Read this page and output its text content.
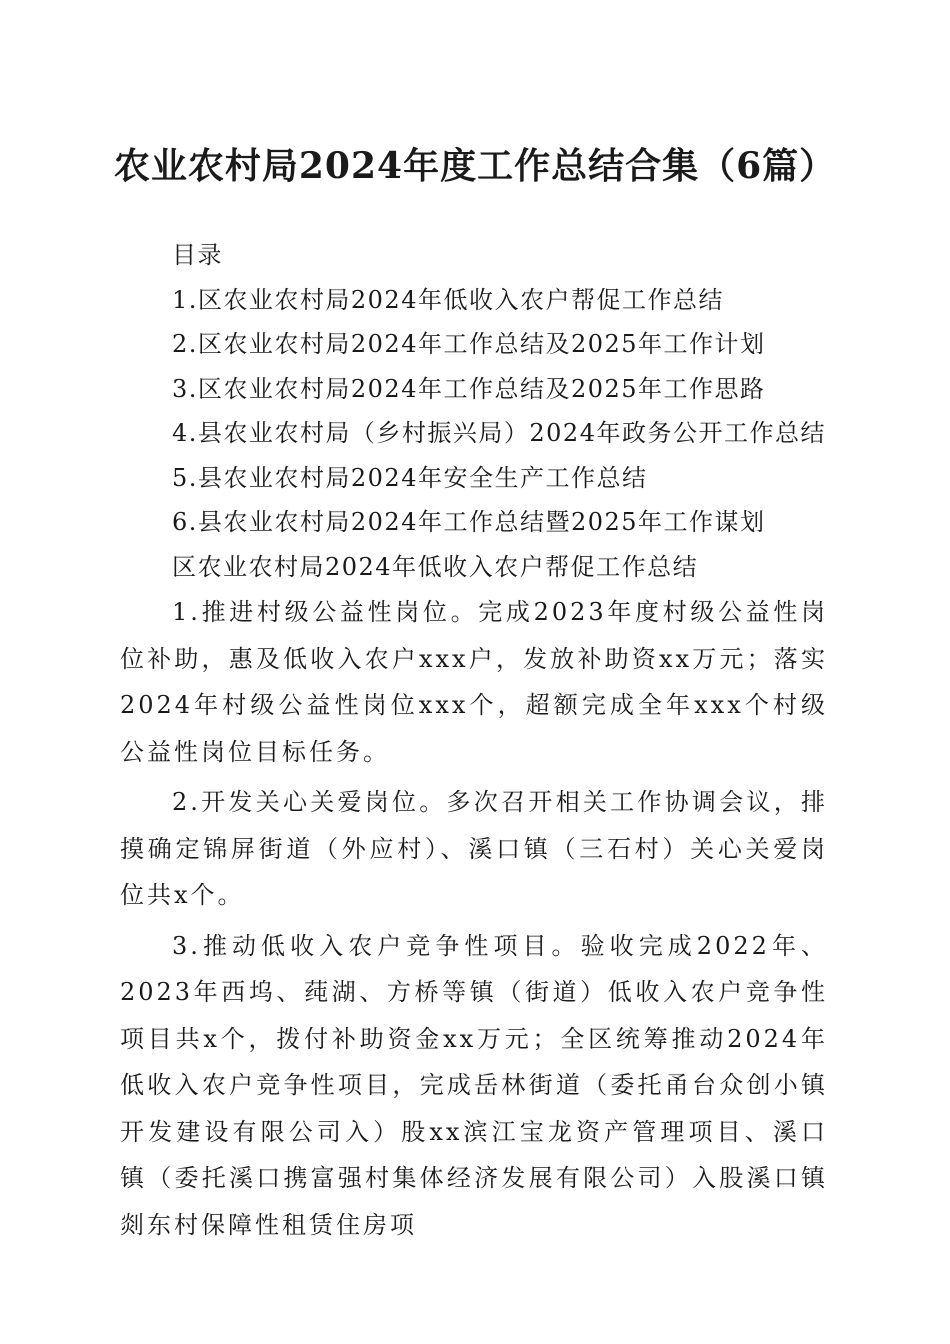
农业农村局2024年度工作总结合集（6篇）
目录
1.区农业农村局2024年低收入农户帮促工作总结
2.区农业农村局2024年工作总结及2025年工作计划
3.区农业农村局2024年工作总结及2025年工作思路
4.县农业农村局（乡村振兴局）2024年政务公开工作总结
5.县农业农村局2024年安全生产工作总结
6.县农业农村局2024年工作总结暨2025年工作谋划
区农业农村局2024年低收入农户帮促工作总结

1.推进村级公益性岗位。完成2023年度村级公益性岗位补助，惠及低收入农户xxx户，发放补助资xx万元；落实2024年村级公益性岗位xxx个，超额完成全年xxx个村级公益性岗位目标任务。

2.开发关心关爱岗位。多次召开相关工作协调会议，排摸确定锦屏街道（外应村）、溪口镇（三石村）关心关爱岗位共x个。

3.推动低收入农户竞争性项目。验收完成2022年、2023年西坞、莼湖、方桥等镇（街道）低收入农户竞争性项目共x个，拨付补助资金xx万元；全区统筹推动2024年低收入农户竞争性项目，完成岳林街道（委托甬台众创小镇开发建设有限公司入）股xx滨江宝龙资产管理项目、溪口镇（委托溪口携富强村集体经济发展有限公司）入股溪口镇剡东村保障性租赁住房项
